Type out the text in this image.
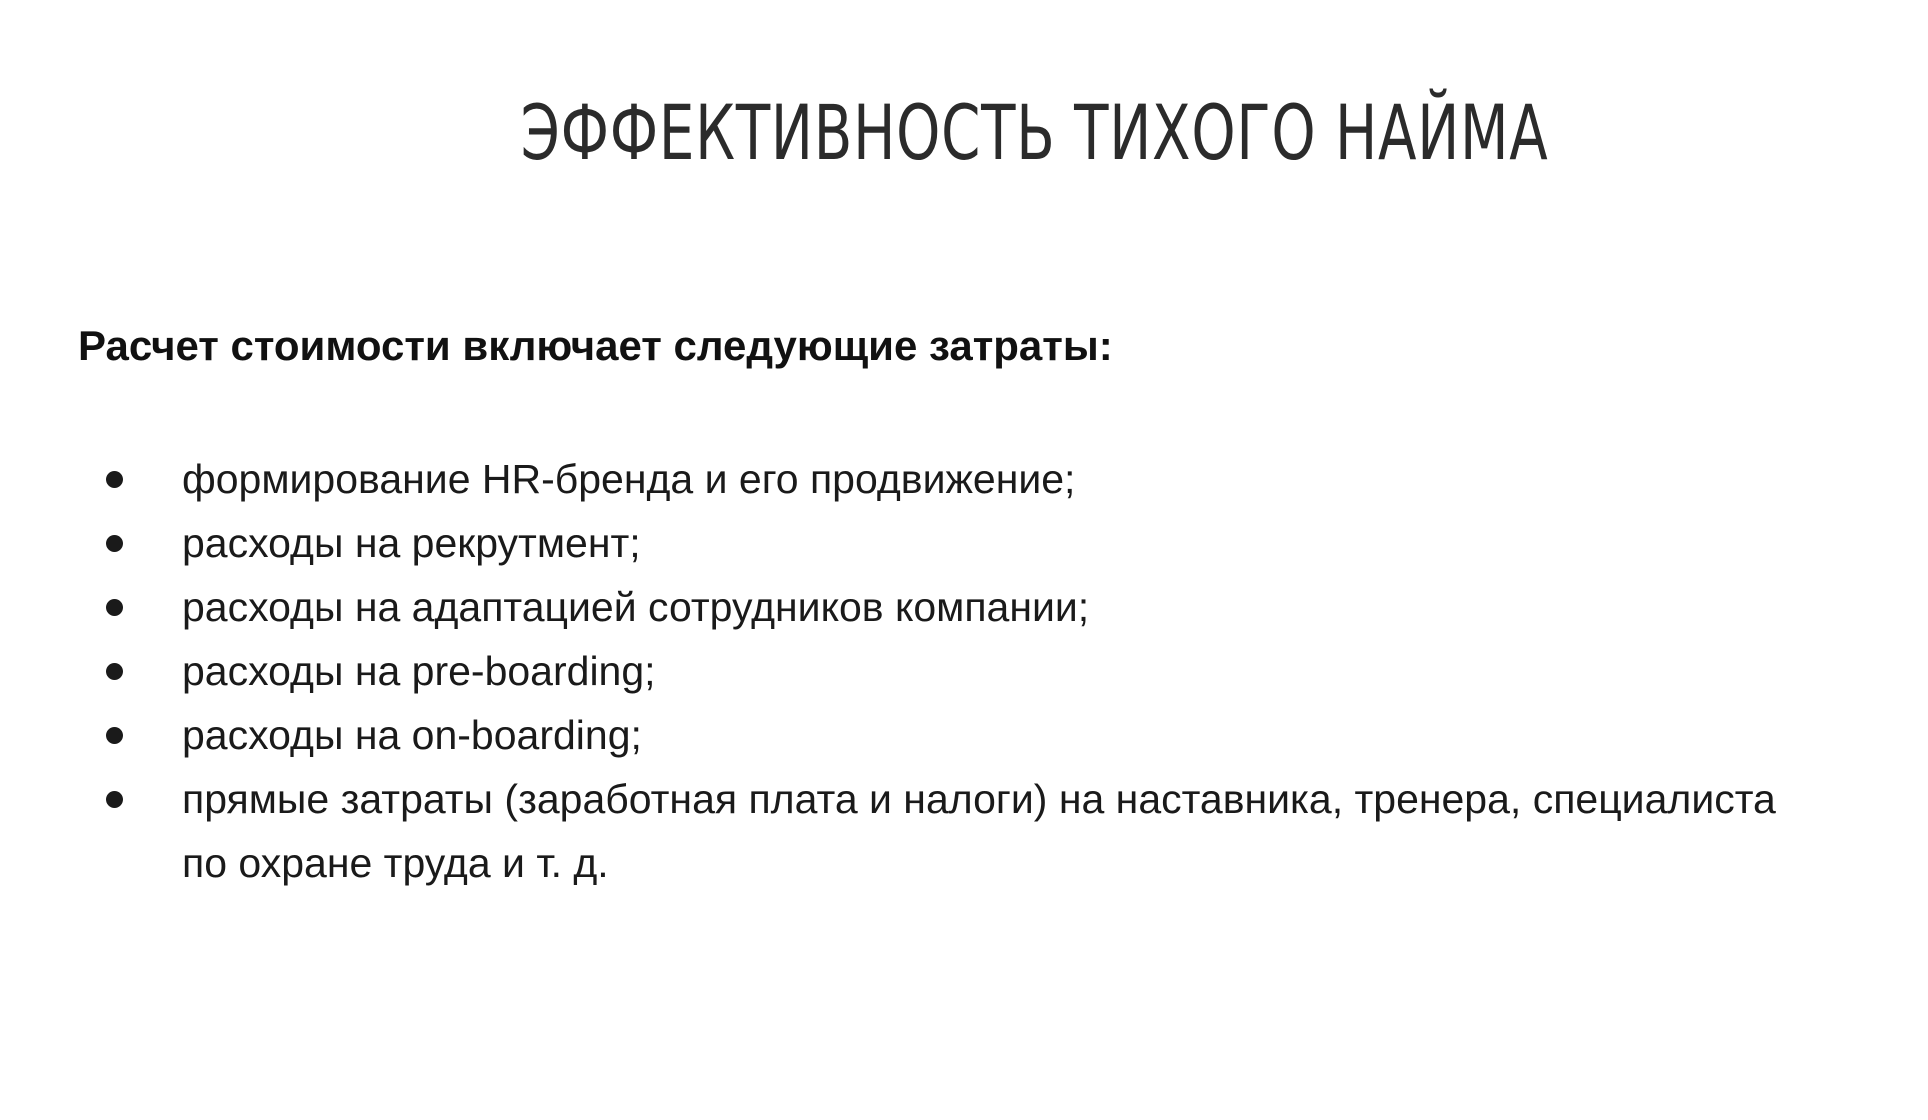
ЭФФЕКТИВНОСТЬ ТИХОГО НАЙМА

Расчет стоимости включает следующие затраты:

формирование HR-бренда и его продвижение;
расходы на рекрутмент;
расходы на адаптацией сотрудников компании;
расходы на pre-boarding;
расходы на on-boarding;
прямые затраты (заработная плата и налоги) на наставника, тренера, специалиста по охране труда и т. д.
